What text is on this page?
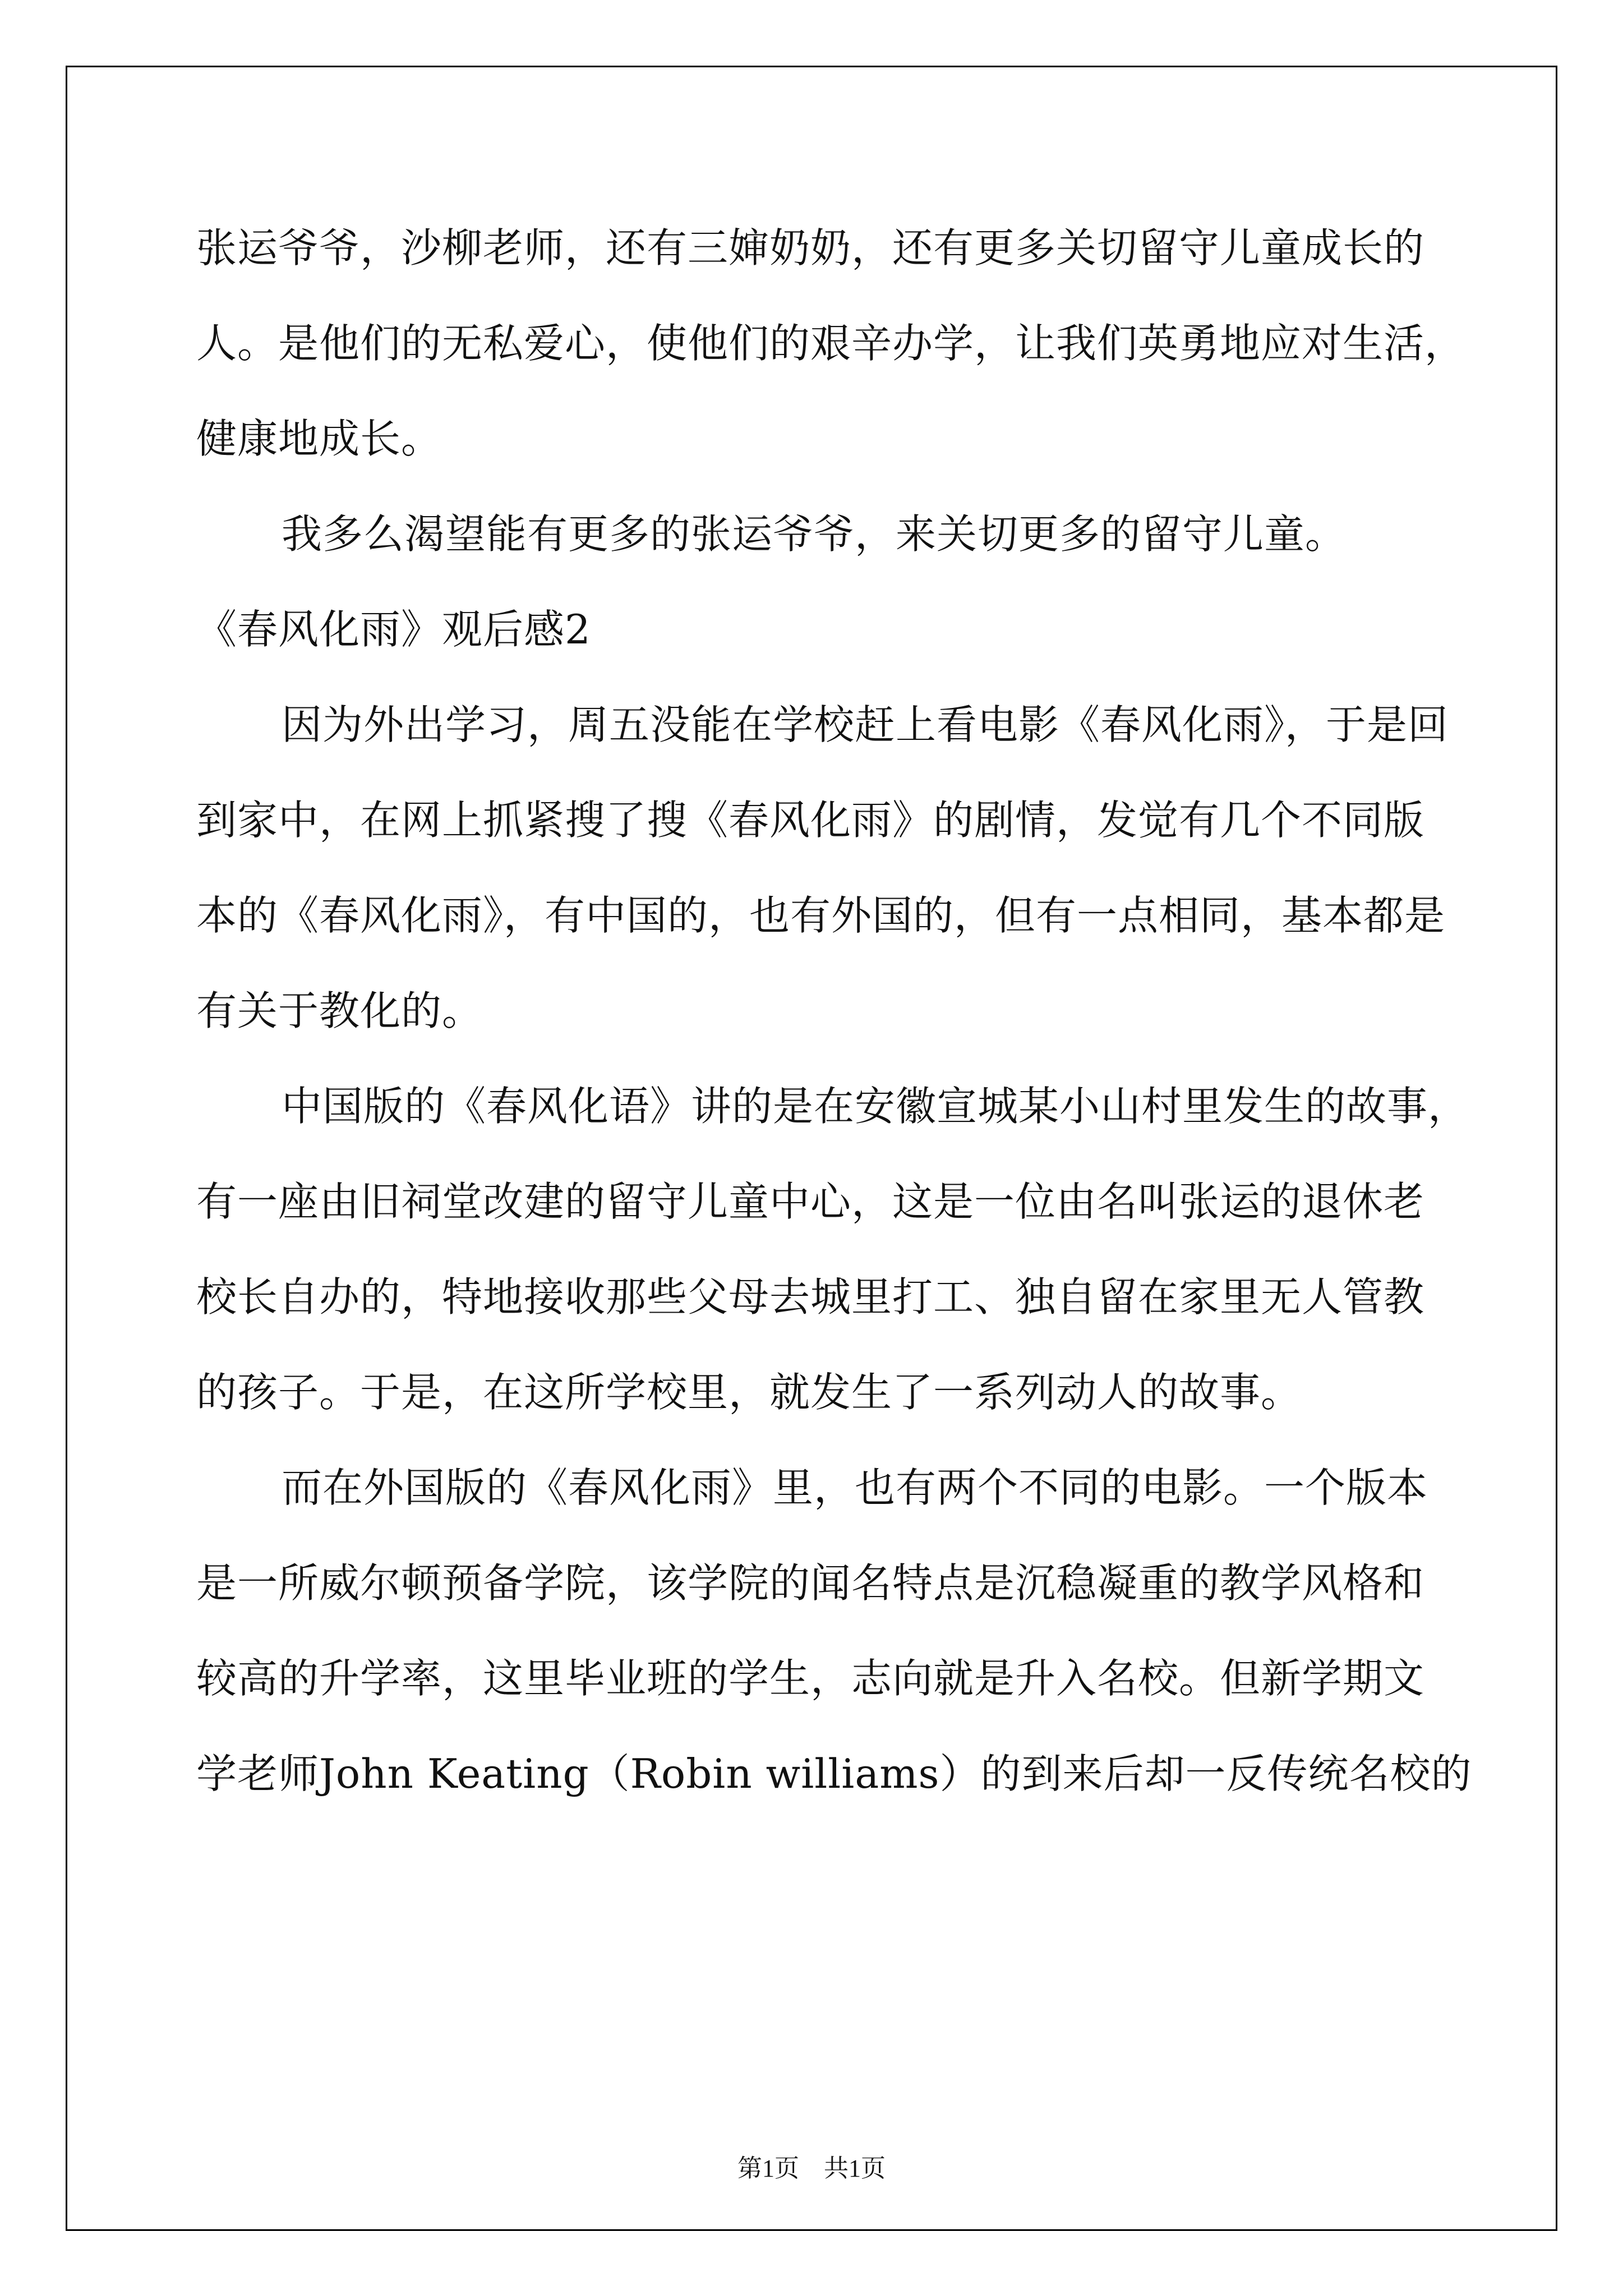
张运爷爷，沙柳老师，还有三婶奶奶，还有更多关切留守儿童成长的
人。是他们的无私爱心，使他们的艰辛办学，让我们英勇地应对生活，
健康地成长。
我多么渴望能有更多的张运爷爷，来关切更多的留守儿童。
《春风化雨》观后感2
因为外出学习，周五没能在学校赶上看电影《春风化雨》，于是回
到家中，在网上抓紧搜了搜《春风化雨》的剧情，发觉有几个不同版
本的《春风化雨》，有中国的，也有外国的，但有一点相同，基本都是
有关于教化的。
中国版的《春风化语》讲的是在安徽宣城某小山村里发生的故事，
有一座由旧祠堂改建的留守儿童中心，这是一位由名叫张运的退休老
校长自办的，特地接收那些父母去城里打工、独自留在家里无人管教
的孩子。于是，在这所学校里，就发生了一系列动人的故事。
而在外国版的《春风化雨》里，也有两个不同的电影。一个版本
是一所威尔顿预备学院，该学院的闻名特点是沉稳凝重的教学风格和
较高的升学率，这里毕业班的学生，志向就是升入名校。但新学期文
学老师John Keating（Robin williams）的到来后却一反传统名校的
第1页　共1页
